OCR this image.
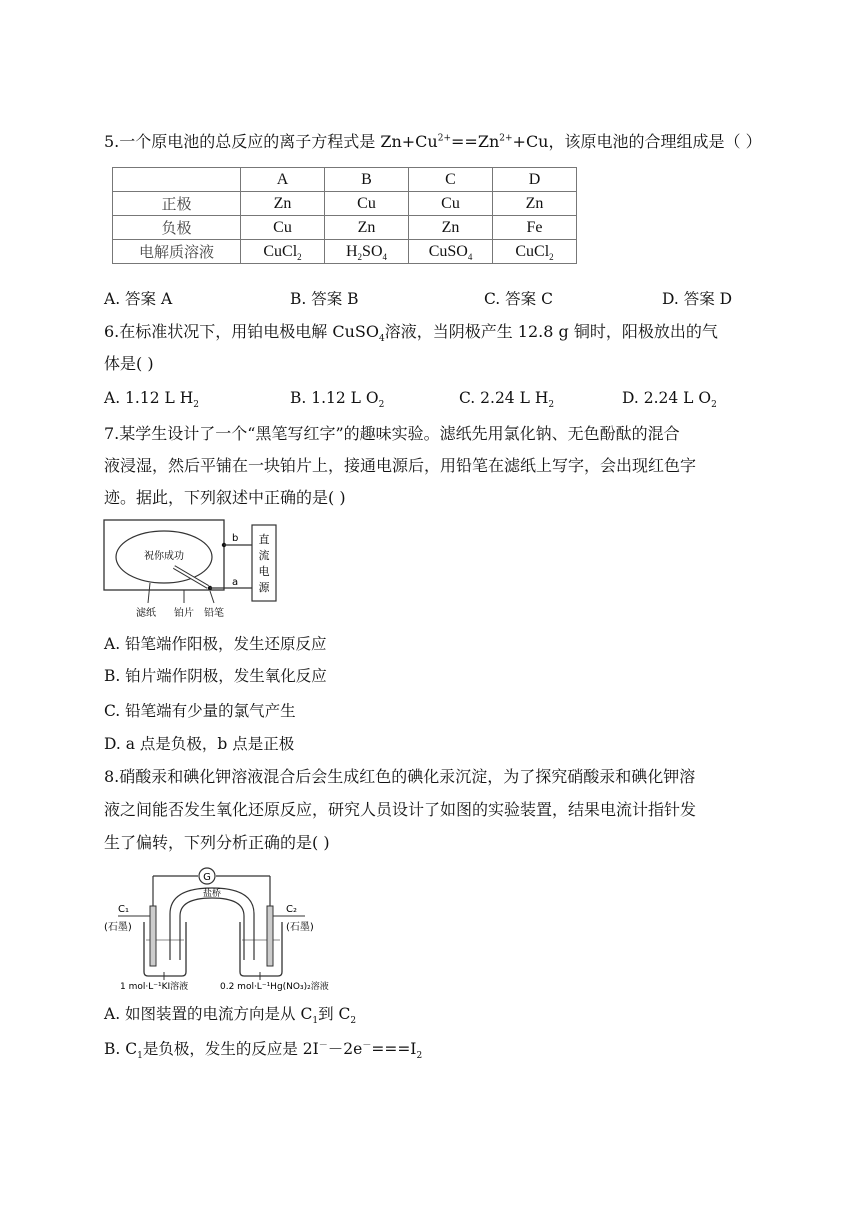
5.一个原电池的总反应的离子方程式是 $Zn+Cu^{2+}==Zn^{2+}+Cu$，该原电池的合理组成是（ ）
	A	B	C	D
正极	Zn	Cu	Cu	Zn
负极	Cu	Zn	Zn	Fe
电解质溶液	CuCl$_2$	$H_2SO_4$	CuSO$_4$	CuCl$_2$
A. 答案 A	B. 答案 B	C. 答案 C	D. 答案 D
6.在标准状况下，用铂电极电解 CuSO$_4$溶液，当阴极产生 12.8 g 铜时，阳极放出的气
体是( )
A. 1.12 L $H_2$	B. 1.12 L $O_2$	C. 2.24 L $H_2$	D. 2.24 L $O_2$
7.某学生设计了一个“黑笔写红字”的趣味实验。滤纸先用氯化钠、无色酚酞的混合
液浸湿，然后平铺在一块铂片上，接通电源后，用铅笔在滤纸上写字，会出现红色字
迹。据此，下列叙述中正确的是( )
祝你成功
b
a
直
流
电
源
滤纸 铂片 铅笔
A. 铅笔端作阳极，发生还原反应
B. 铂片端作阴极，发生氧化反应
C. 铅笔端有少量的氯气产生
D. a 点是负极，b 点是正极
8.硝酸汞和碘化钾溶液混合后会生成红色的碘化汞沉淀，为了探究硝酸汞和碘化钾溶
液之间能否发生氧化还原反应，研究人员设计了如图的实验装置，结果电流计指针发
生了偏转，下列分析正确的是( )
G
盐桥
C₁
(石墨)
C₂
(石墨)
1 mol·L⁻¹KI溶液	0.2 mol·L⁻¹Hg(NO₃)₂溶液
A. 如图装置的电流方向是从 $C_1$到 $C_2$
B. $C_1$是负极，发生的反应是 $2I^--2e^-===I_2$
